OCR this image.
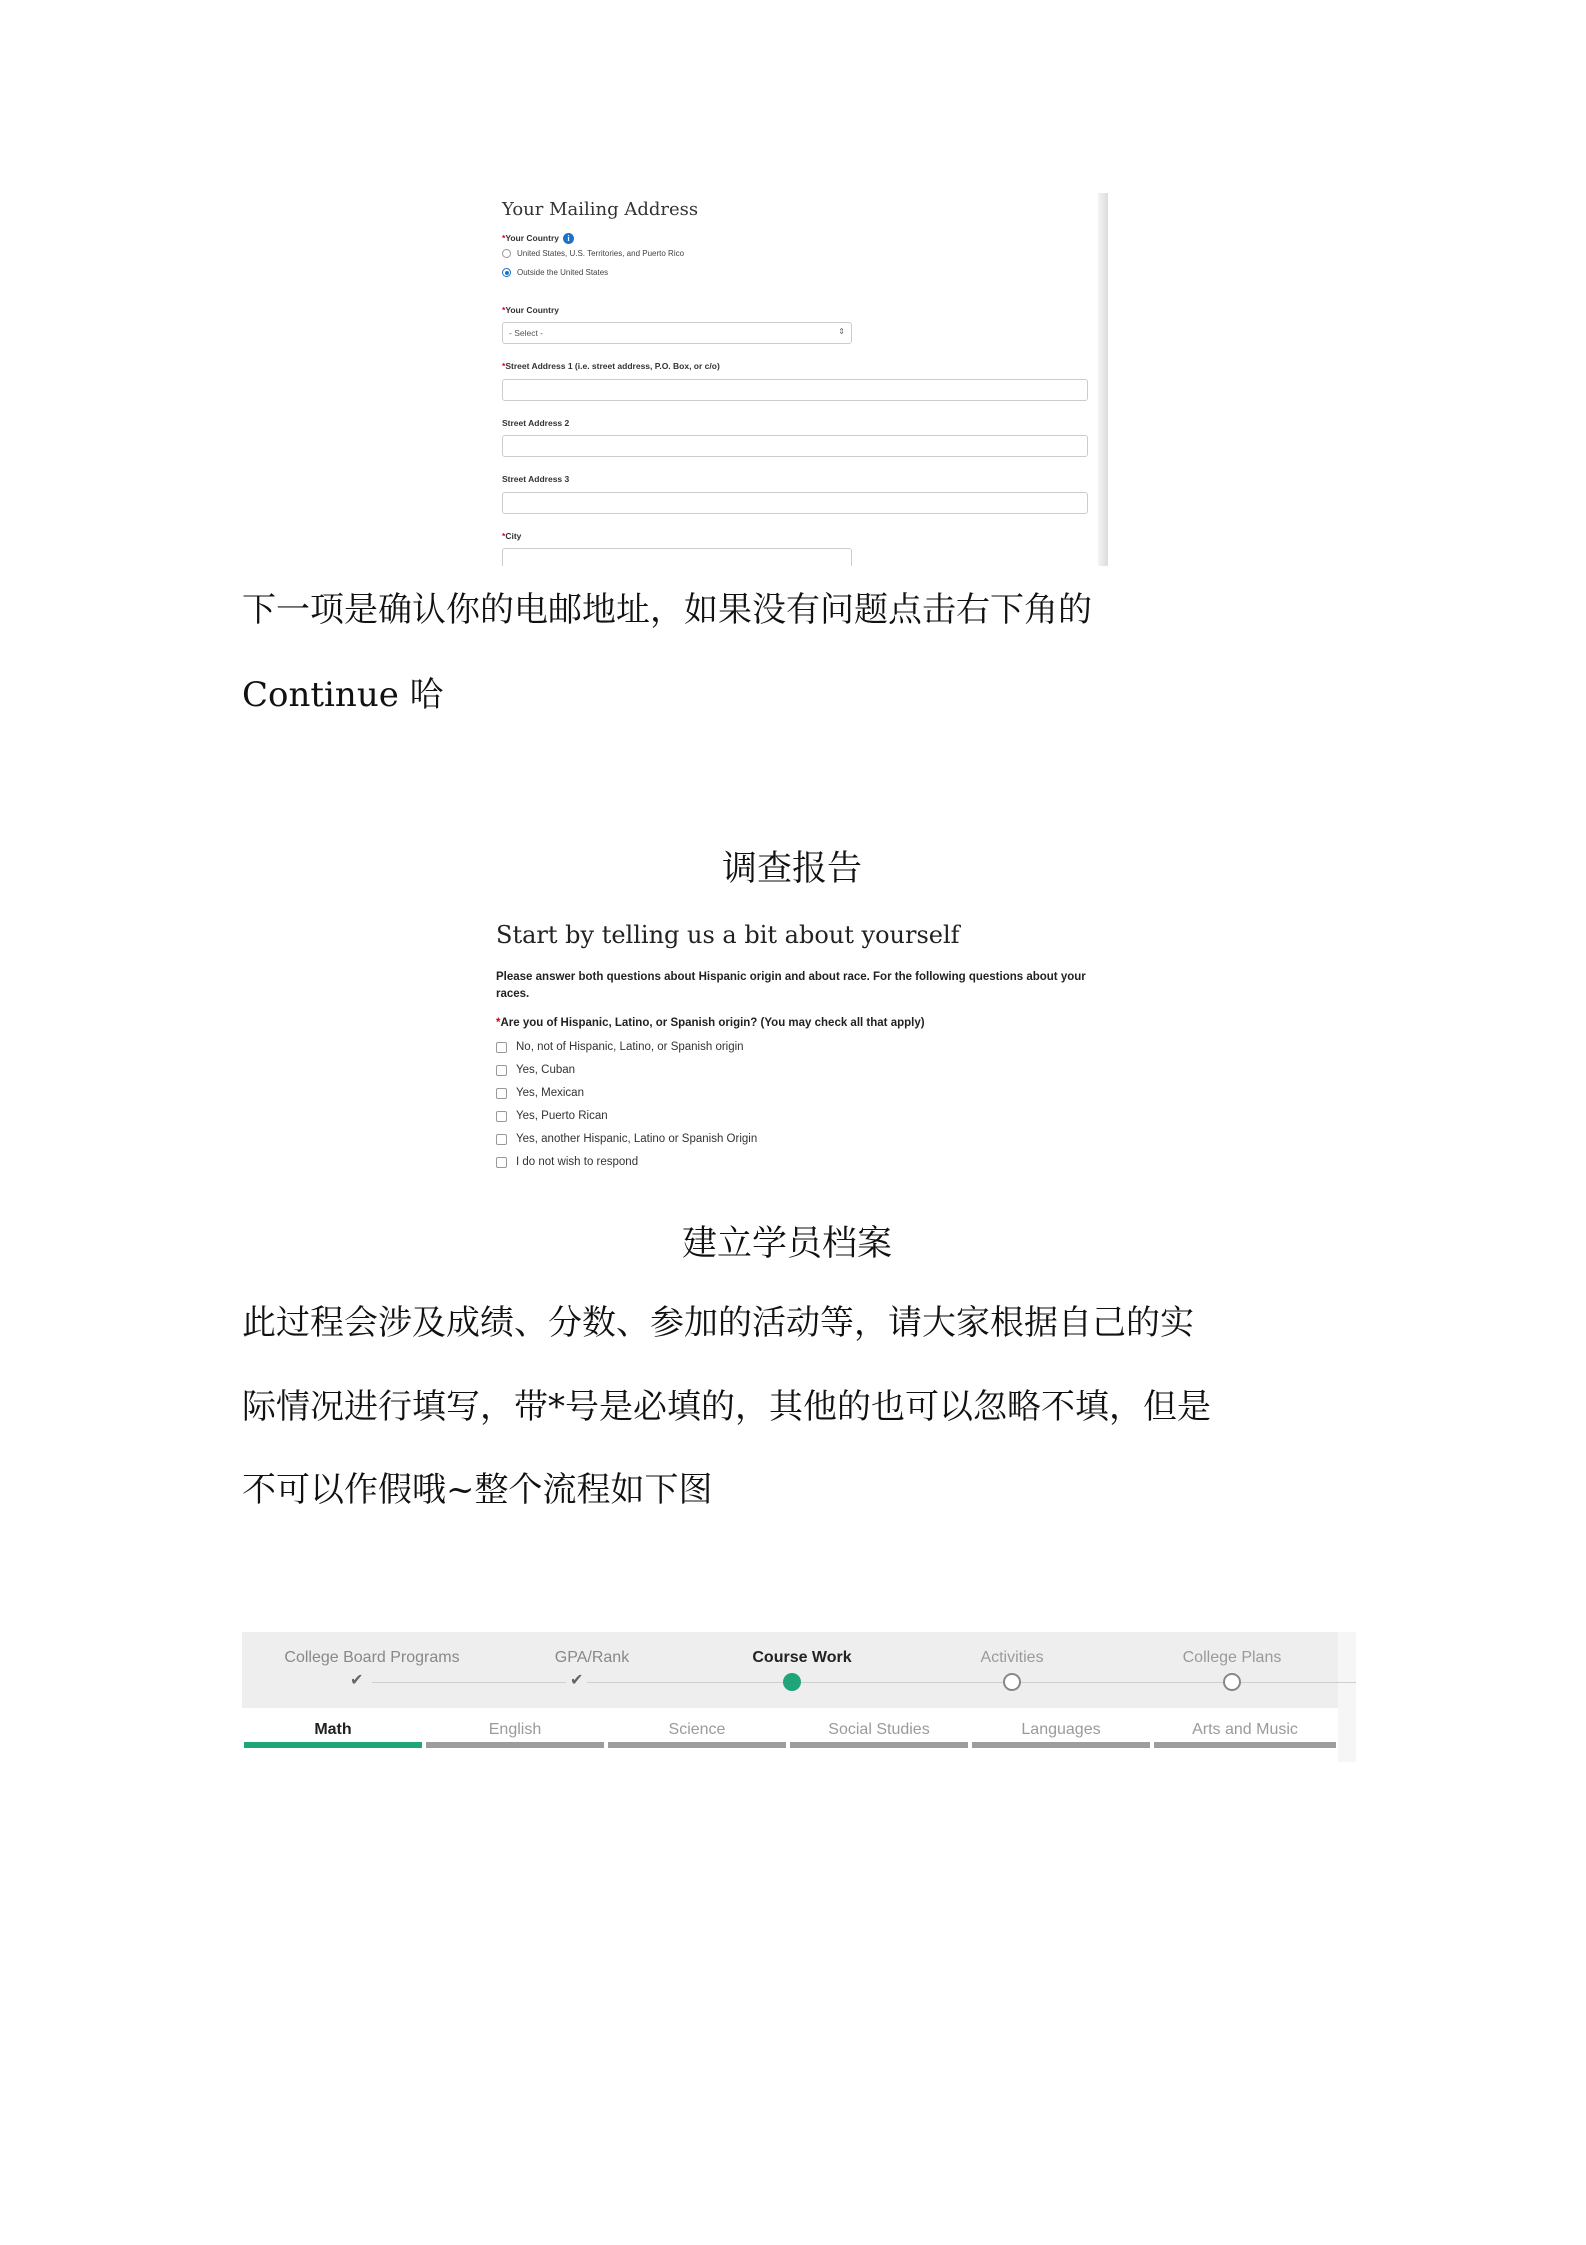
Your Mailing Address
*Your Country i
United States, U.S. Territories, and Puerto Rico
Outside the United States
*Your Country
- Select -	⇕
*Street Address 1 (i.e. street address, P.O. Box, or c/o)
Street Address 2
Street Address 3
*City
下一项是确认你的电邮地址，如果没有问题点击右下角的
Continue 哈
调查报告
Start by telling us a bit about yourself
Please answer both questions about Hispanic origin and about race. For the following questions about your
races.
*Are you of Hispanic, Latino, or Spanish origin? (You may check all that apply)
No, not of Hispanic, Latino, or Spanish origin
Yes, Cuban
Yes, Mexican
Yes, Puerto Rican
Yes, another Hispanic, Latino or Spanish Origin
I do not wish to respond
建立学员档案
此过程会涉及成绩、分数、参加的活动等，请大家根据自己的实
际情况进行填写，带*号是必填的，其他的也可以忽略不填，但是
不可以作假哦~整个流程如下图
College Board Programs
✔
GPA/Rank
✔
Course Work	Activities	College Plans
Math	English	Science	Social Studies	Languages	Arts and Music
